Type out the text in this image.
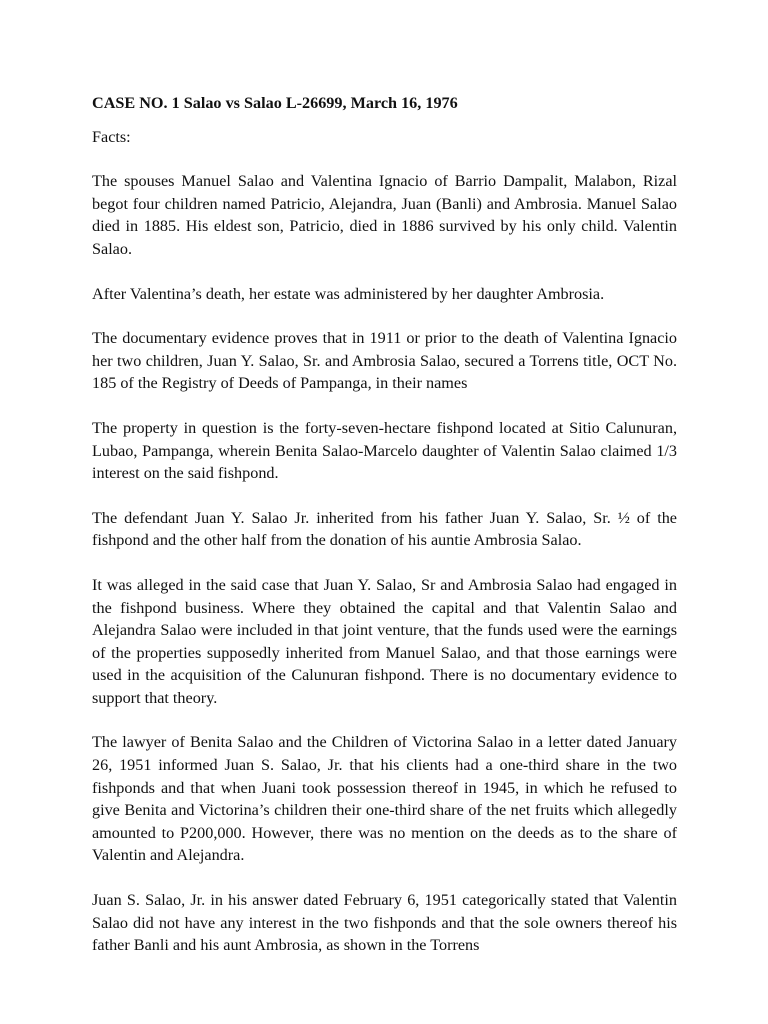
CASE NO. 1 Salao vs Salao L-26699, March 16, 1976
Facts:

The spouses Manuel Salao and Valentina Ignacio of Barrio Dampalit, Malabon, Rizal begot four children named Patricio, Alejandra, Juan (Banli) and Ambrosia. Manuel Salao died in 1885. His eldest son, Patricio, died in 1886 survived by his only child. Valentin Salao.

After Valentina’s death, her estate was administered by her daughter Ambrosia.

The documentary evidence proves that in 1911 or prior to the death of Valentina Ignacio her two children, Juan Y. Salao, Sr. and Ambrosia Salao, secured a Torrens title, OCT No. 185 of the Registry of Deeds of Pampanga, in their names

The property in question is the forty-seven-hectare fishpond located at Sitio Calunuran, Lubao, Pampanga, wherein Benita Salao-Marcelo daughter of Valentin Salao claimed 1/3 interest on the said fishpond.

The defendant Juan Y. Salao Jr. inherited from his father Juan Y. Salao, Sr. ½ of the fishpond and the other half from the donation of his auntie Ambrosia Salao.

It was alleged in the said case that Juan Y. Salao, Sr and Ambrosia Salao had engaged in the fishpond business. Where they obtained the capital and that Valentin Salao and Alejandra Salao were included in that joint venture, that the funds used were the earnings of the properties supposedly inherited from Manuel Salao, and that those earnings were used in the acquisition of the Calunuran fishpond. There is no documentary evidence to support that theory.

The lawyer of Benita Salao and the Children of Victorina Salao in a letter dated January 26, 1951 informed Juan S. Salao, Jr. that his clients had a one-third share in the two fishponds and that when Juani took possession thereof in 1945, in which he refused to give Benita and Victorina’s children their one-third share of the net fruits which allegedly amounted to P200,000. However, there was no mention on the deeds as to the share of Valentin and Alejandra.

Juan S. Salao, Jr. in his answer dated February 6, 1951 categorically stated that Valentin Salao did not have any interest in the two fishponds and that the sole owners thereof his father Banli and his aunt Ambrosia, as shown in the Torrens
